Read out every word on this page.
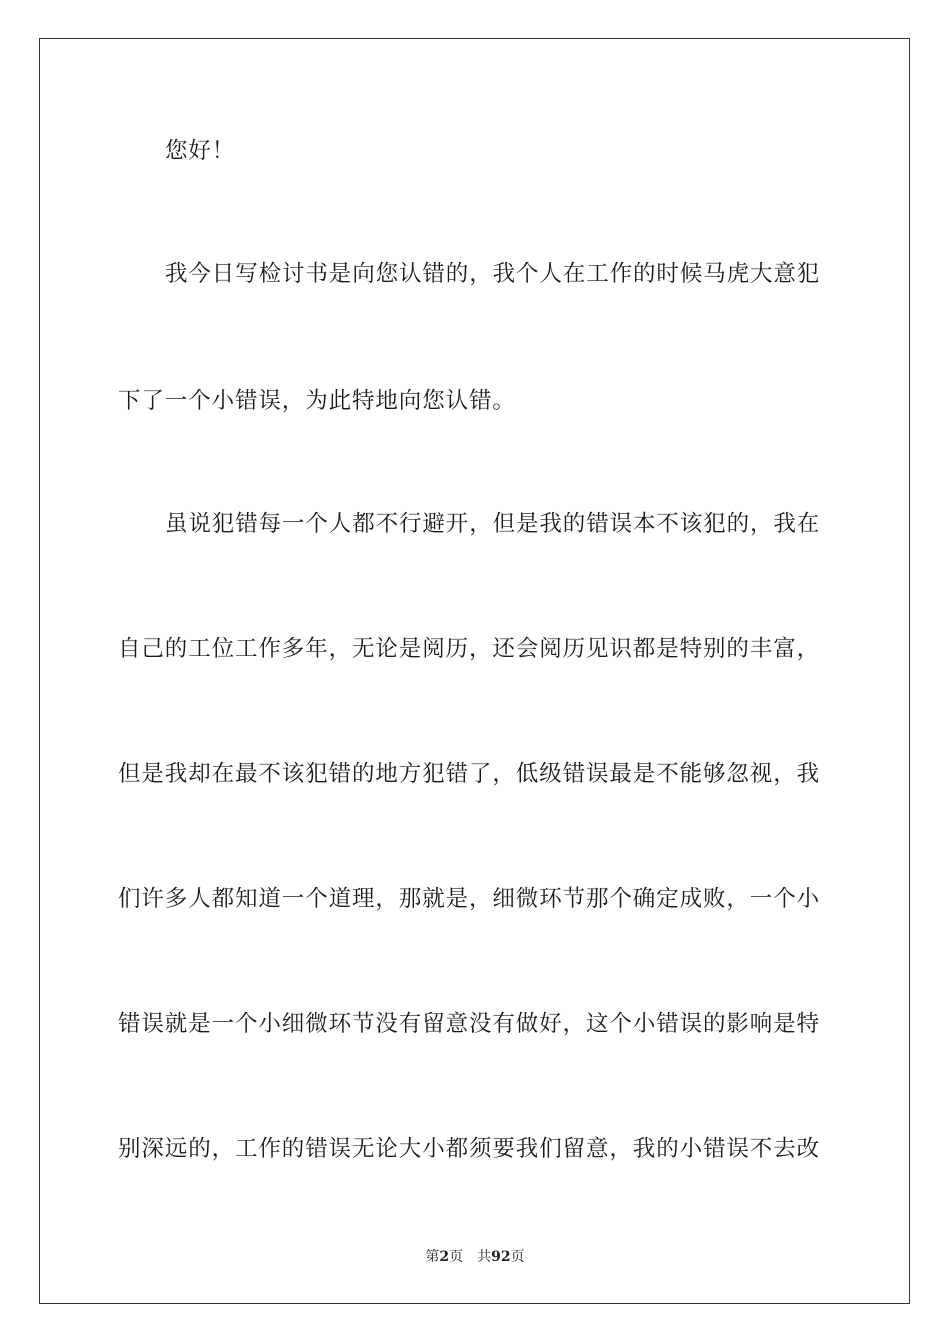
您好！
我今日写检讨书是向您认错的，我个人在工作的时候马虎大意犯
下了一个小错误，为此特地向您认错。
虽说犯错每一个人都不行避开，但是我的错误本不该犯的，我在
自己的工位工作多年，无论是阅历，还会阅历见识都是特别的丰富，
但是我却在最不该犯错的地方犯错了，低级错误最是不能够忽视，我
们许多人都知道一个道理，那就是，细微环节那个确定成败，一个小
错误就是一个小细微环节没有留意没有做好，这个小错误的影响是特
别深远的，工作的错误无论大小都须要我们留意，我的小错误不去改
第2页 共92页
